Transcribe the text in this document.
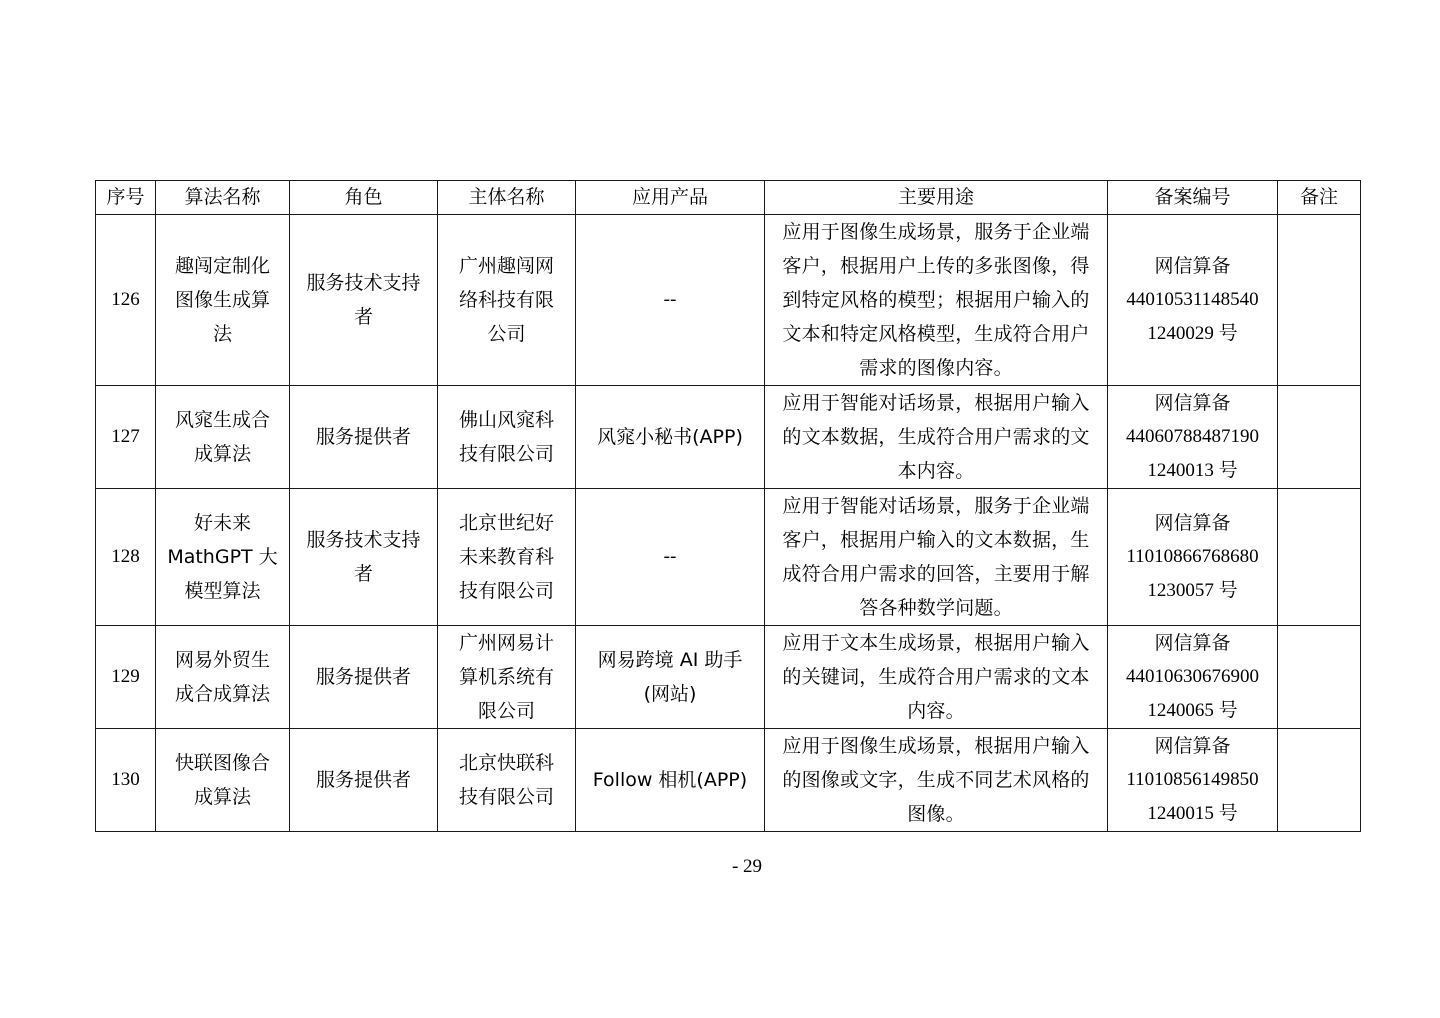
序号	算法名称	角色	主体名称	应用产品	主要用途	备案编号	备注
126	趣闯定制化
图像生成算
法	服务技术支持
者	广州趣闯网
络科技有限
公司	--	应用于图像生成场景，服务于企业端
客户，根据用户上传的多张图像，得
到特定风格的模型；根据用户输入的
文本和特定风格模型，生成符合用户
需求的图像内容。	网信算备
44010531148540
1240029 号	

127	风窕生成合
成算法	服务提供者	佛山风窕科
技有限公司	风窕小秘书(APP)	应用于智能对话场景，根据用户输入
的文本数据，生成符合用户需求的文
本内容。	网信算备
44060788487190
1240013 号	

128	好未来
MathGPT 大
模型算法	服务技术支持
者	北京世纪好
未来教育科
技有限公司	--	应用于智能对话场景，服务于企业端
客户，根据用户输入的文本数据，生
成符合用户需求的回答，主要用于解
答各种数学问题。	网信算备
11010866768680
1230057 号	

129	网易外贸生
成合成算法	服务提供者	广州网易计
算机系统有
限公司	网易跨境 AI 助手
(网站)	应用于文本生成场景，根据用户输入
的关键词，生成符合用户需求的文本
内容。	网信算备
44010630676900
1240065 号	

130	快联图像合
成算法	服务提供者	北京快联科
技有限公司	Follow 相机(APP)	应用于图像生成场景，根据用户输入
的图像或文字，生成不同艺术风格的
图像。	网信算备
11010856149850
1240015 号	

- 29
